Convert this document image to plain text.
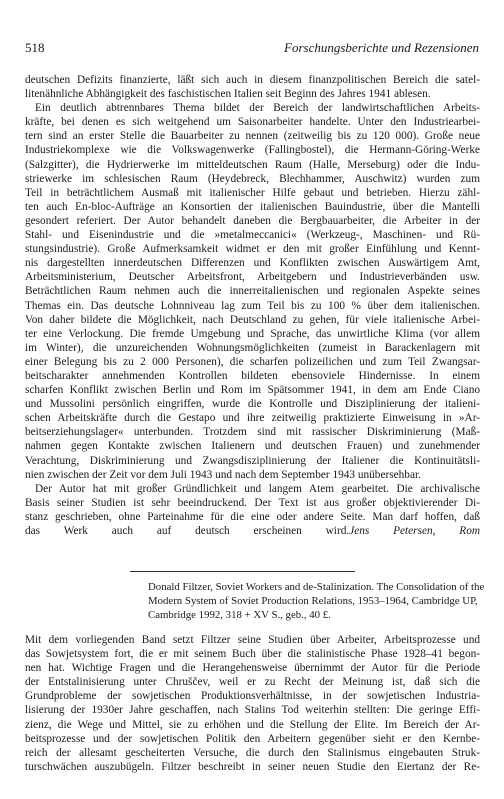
518	Forschungsberichte und Rezensionen
deutschen Defizits finanzierte, läßt sich auch in diesem finanzpolitischen Bereich die satel-
litenähnliche Abhängigkeit des faschistischen Italien seit Beginn des Jahres 1941 ablesen.
Ein deutlich abtrennbares Thema bildet der Bereich der landwirtschaftlichen Arbeits-
kräfte, bei denen es sich weitgehend um Saisonarbeiter handelte. Unter den Industriearbei-
tern sind an erster Stelle die Bauarbeiter zu nennen (zeitweilig bis zu 120 000). Große neue
Industriekomplexe wie die Volkswagenwerke (Fallingbostel), die Hermann-Göring-Werke
(Salzgitter), die Hydrierwerke im mitteldeutschen Raum (Halle, Merseburg) oder die Indu-
striewerke im schlesischen Raum (Heydebreck, Blechhammer, Auschwitz) wurden zum
Teil in beträchtlichem Ausmaß mit italienischer Hilfe gebaut und betrieben. Hierzu zähl-
ten auch En-bloc-Aufträge an Konsortien der italienischen Bauindustrie, über die Mantelli
gesondert referiert. Der Autor behandelt daneben die Bergbauarbeiter, die Arbeiter in der
Stahl- und Eisenindustrie und die »metalmeccanici« (Werkzeug-, Maschinen- und Rü-
stungsindustrie). Große Aufmerksamkeit widmet er den mit großer Einfühlung und Kennt-
nis dargestellten innerdeutschen Differenzen und Konflikten zwischen Auswärtigem Amt,
Arbeitsministerium, Deutscher Arbeitsfront, Arbeitgebern und Industrieverbänden usw.
Beträchtlichen Raum nehmen auch die innerreitalienischen und regionalen Aspekte seines
Themas ein. Das deutsche Lohnniveau lag zum Teil bis zu 100 % über dem italienischen.
Von daher bildete die Möglichkeit, nach Deutschland zu gehen, für viele italienische Arbei-
ter eine Verlockung. Die fremde Umgebung und Sprache, das unwirtliche Klima (vor allem
im Winter), die unzureichenden Wohnungsmöglichkeiten (zumeist in Barackenlagern mit
einer Belegung bis zu 2 000 Personen), die scharfen polizeilichen und zum Teil Zwangsar-
beitscharakter annehmenden Kontrollen bildeten ebensoviele Hindernisse. In einem
scharfen Konflikt zwischen Berlin und Rom im Spätsommer 1941, in dem am Ende Ciano
und Mussolini persönlich eingriffen, wurde die Kontrolle und Disziplinierung der italieni-
schen Arbeitskräfte durch die Gestapo und ihre zeitweilig praktizierte Einweisung in »Ar-
beitserziehungslager« unterbunden. Trotzdem sind mit rassischer Diskriminierung (Maß-
nahmen gegen Kontakte zwischen Italienern und deutschen Frauen) und zunehmender
Verachtung, Diskriminierung und Zwangsdisziplinierung der Italiener die Kontinuitätsli-
nien zwischen der Zeit vor dem Juli 1943 und nach dem September 1943 unübersehbar.
Der Autor hat mit großer Gründlichkeit und langem Atem gearbeitet. Die archivalische
Basis seiner Studien ist sehr beeindruckend. Der Text ist aus großer objektivierender Di-
stanz geschrieben, ohne Parteinahme für die eine oder andere Seite. Man darf hoffen, daß
das Werk auch auf deutsch erscheinen wird.Jens Petersen, Rom
Donald Filtzer, Soviet Workers and de-Stalinization. The Consolidation of the
Modern System of Soviet Production Relations, 1953–1964, Cambridge UP,
Cambridge 1992, 318 + XV S., geb., 40 £.
Mit dem vorliegenden Band setzt Filtzer seine Studien über Arbeiter, Arbeitsprozesse und
das Sowjetsystem fort, die er mit seinem Buch über die stalinistische Phase 1928–41 begon-
nen hat. Wichtige Fragen und die Herangehensweise übernimmt der Autor für die Periode
der Entstalinisierung unter Chruščev, weil er zu Recht der Meinung ist, daß sich die
Grundprobleme der sowjetischen Produktionsverhältnisse, in der sowjetischen Industria-
lisierung der 1930er Jahre geschaffen, nach Stalins Tod weiterhin stellten: Die geringe Effi-
zienz, die Wege und Mittel, sie zu erhöhen und die Stellung der Elite. Im Bereich der Ar-
beitsprozesse und der sowjetischen Politik den Arbeitern gegenüber sieht er den Kernbe-
reich der allesamt gescheiterten Versuche, die durch den Stalinismus eingebauten Struk-
turschwächen auszubügeln. Filtzer beschreibt in seiner neuen Studie den Eiertanz der Re-
